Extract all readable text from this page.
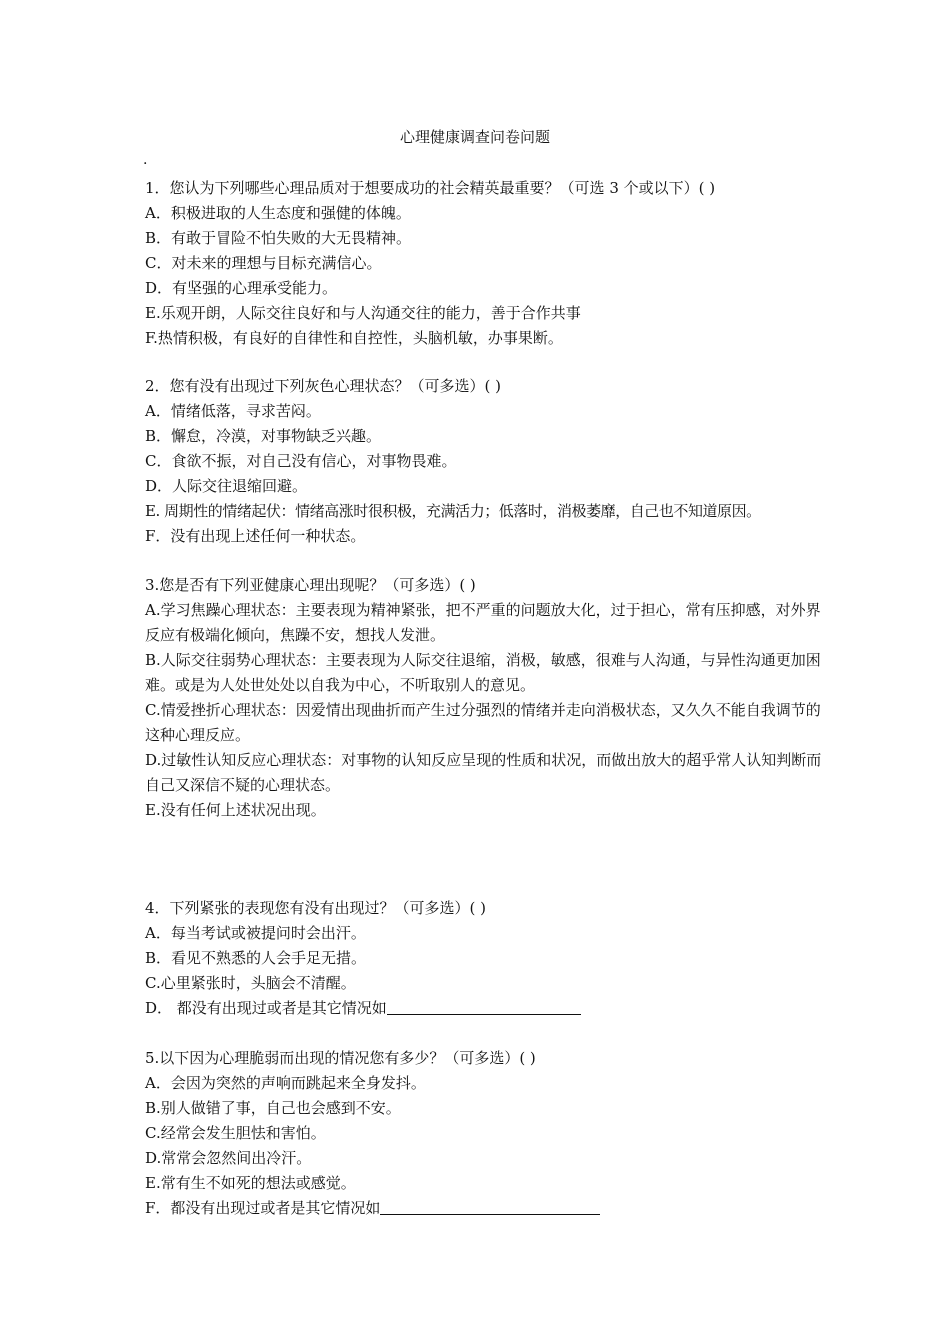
心理健康调查问卷问题
.
1．您认为下列哪些心理品质对于想要成功的社会精英最重要？（可选 3 个或以下）( )
A．积极进取的人生态度和强健的体魄。
B．有敢于冒险不怕失败的大无畏精神。
C．对未来的理想与目标充满信心。
D．有坚强的心理承受能力。
E.乐观开朗，人际交往良好和与人沟通交往的能力，善于合作共事
F.热情积极，有良好的自律性和自控性，头脑机敏，办事果断。
2．您有没有出现过下列灰色心理状态？（可多选）( )
A．情绪低落，寻求苦闷。
B．懈怠，冷漠，对事物缺乏兴趣。
C．食欲不振，对自己没有信心，对事物畏难。
D．人际交往退缩回避。
E. 周期性的情绪起伏：情绪高涨时很积极，充满活力；低落时，消极萎靡，自己也不知道原因。
F．没有出现上述任何一种状态。
3.您是否有下列亚健康心理出现呢？（可多选）( )
A.学习焦躁心理状态：主要表现为精神紧张，把不严重的问题放大化，过于担心，常有压抑感，对外界反应有极端化倾向，焦躁不安，想找人发泄。
B.人际交往弱势心理状态：主要表现为人际交往退缩，消极，敏感，很难与人沟通，与异性沟通更加困难。或是为人处世处处以自我为中心，不听取别人的意见。
C.情爱挫折心理状态：因爱情出现曲折而产生过分强烈的情绪并走向消极状态，又久久不能自我调节的这种心理反应。
D.过敏性认知反应心理状态：对事物的认知反应呈现的性质和状况，而做出放大的超乎常人认知判断而自己又深信不疑的心理状态。
E.没有任何上述状况出现。
4．下列紧张的表现您有没有出现过？（可多选）( )
A．每当考试或被提问时会出汗。
B．看见不熟悉的人会手足无措。
C.心里紧张时，头脑会不清醒。
D． 都没有出现过或者是其它情况如
5.以下因为心理脆弱而出现的情况您有多少？（可多选）( )
A．会因为突然的声响而跳起来全身发抖。
B.别人做错了事，自己也会感到不安。
C.经常会发生胆怯和害怕。
D.常常会忽然间出冷汗。
E.常有生不如死的想法或感觉。
F．都没有出现过或者是其它情况如
